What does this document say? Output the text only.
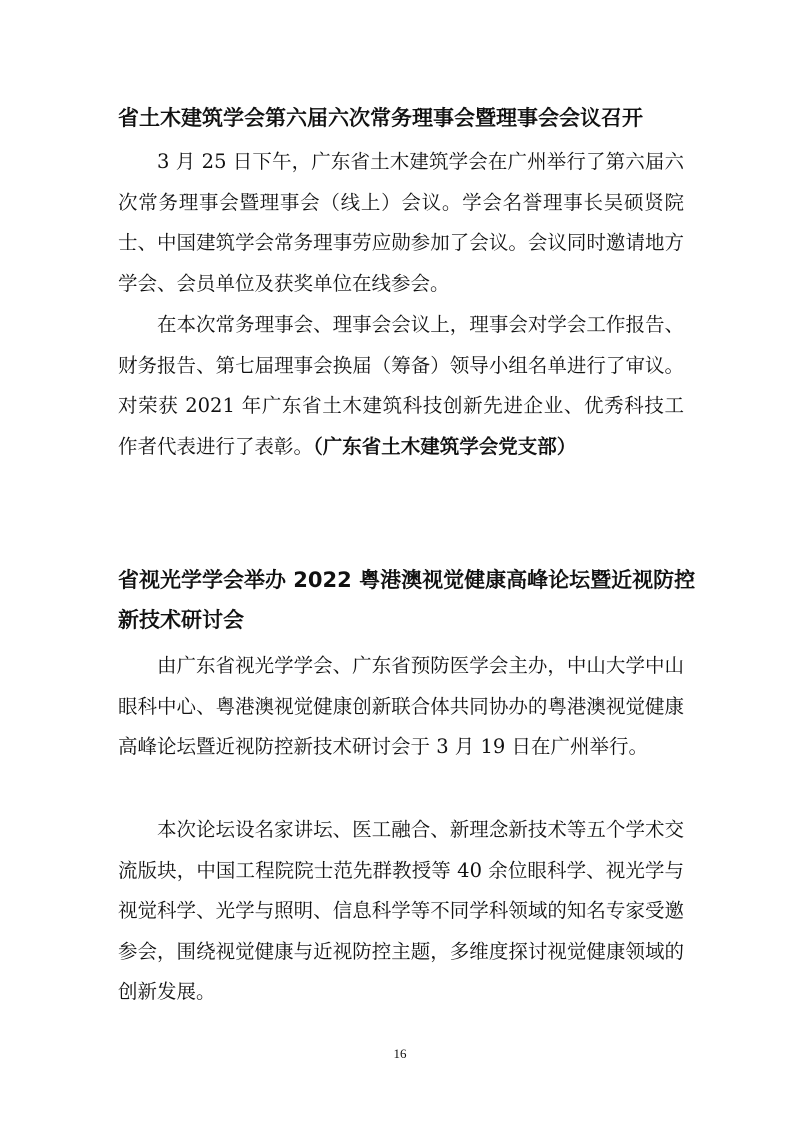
省土木建筑学会第六届六次常务理事会暨理事会会议召开

3 月 25 日下午，广东省土木建筑学会在广州举行了第六届六次常务理事会暨理事会（线上）会议。学会名誉理事长吴硕贤院士、中国建筑学会常务理事劳应勋参加了会议。会议同时邀请地方学会、会员单位及获奖单位在线参会。

在本次常务理事会、理事会会议上，理事会对学会工作报告、财务报告、第七届理事会换届（筹备）领导小组名单进行了审议。对荣获 2021 年广东省土木建筑科技创新先进企业、优秀科技工作者代表进行了表彰。（广东省土木建筑学会党支部）

省视光学学会举办 2022 粤港澳视觉健康高峰论坛暨近视防控新技术研讨会

由广东省视光学学会、广东省预防医学会主办，中山大学中山眼科中心、粤港澳视觉健康创新联合体共同协办的粤港澳视觉健康高峰论坛暨近视防控新技术研讨会于 3 月 19 日在广州举行。

本次论坛设名家讲坛、医工融合、新理念新技术等五个学术交流版块，中国工程院院士范先群教授等 40 余位眼科学、视光学与视觉科学、光学与照明、信息科学等不同学科领域的知名专家受邀参会，围绕视觉健康与近视防控主题，多维度探讨视觉健康领域的创新发展。

16
